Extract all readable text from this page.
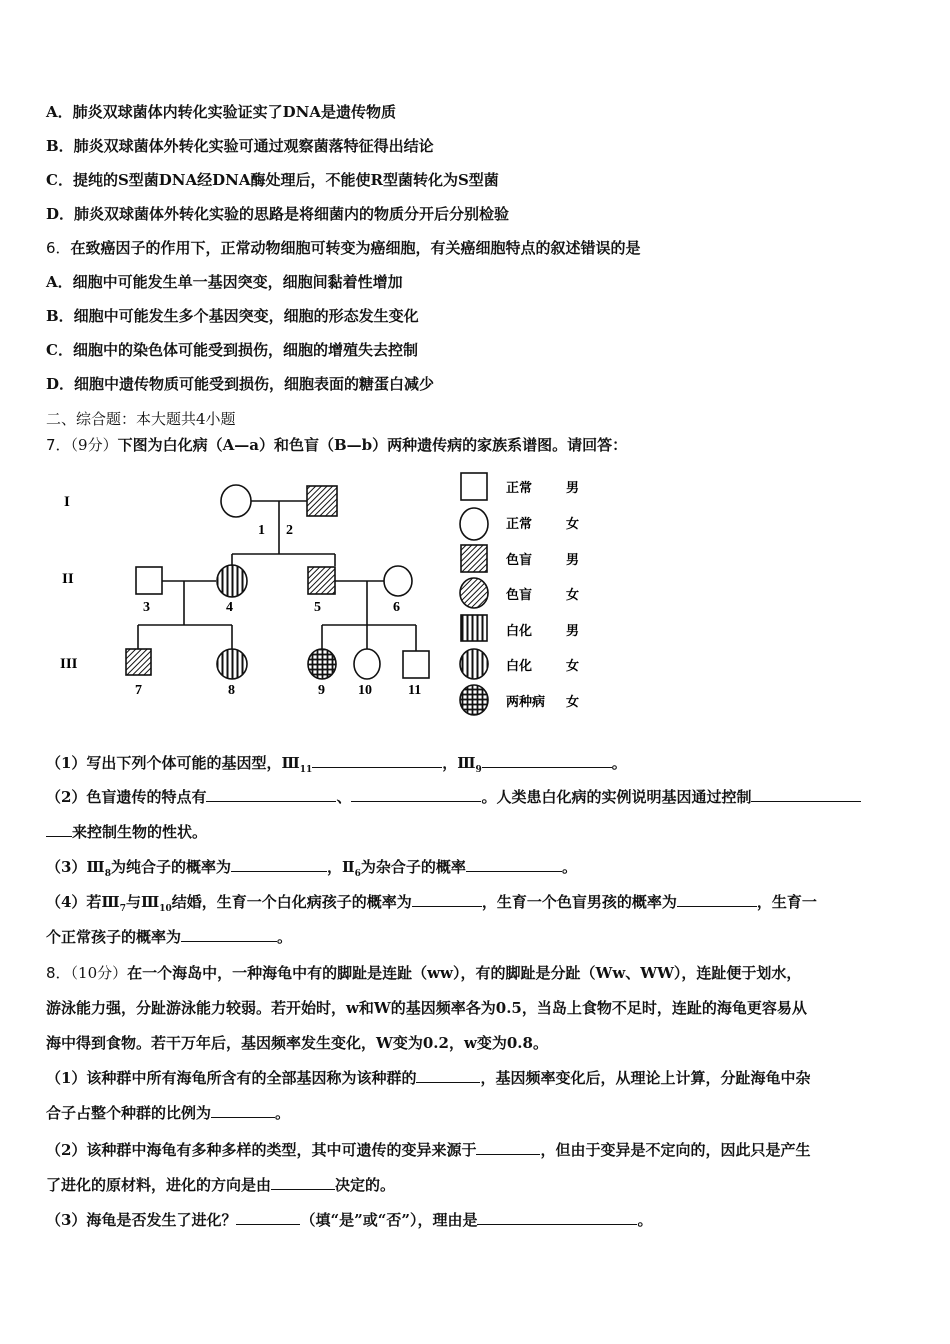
A．肺炎双球菌体内转化实验证实了DNA是遗传物质
B．肺炎双球菌体外转化实验可通过观察菌落特征得出结论
C．提纯的S型菌DNA经DNA酶处理后，不能使R型菌转化为S型菌
D．肺炎双球菌体外转化实验的思路是将细菌内的物质分开后分别检验
6．在致癌因子的作用下，正常动物细胞可转变为癌细胞，有关癌细胞特点的叙述错误的是
A．细胞中可能发生单一基因突变，细胞间黏着性增加
B．细胞中可能发生多个基因突变，细胞的形态发生变化
C．细胞中的染色体可能受到损伤，细胞的增殖失去控制
D．细胞中遗传物质可能受到损伤，细胞表面的糖蛋白减少
二、综合题：本大题共4小题
7．（9分）下图为白化病（A—a）和色盲（B—b）两种遗传病的家族系谱图。请回答：
I
II
III
1 2
3	4	5	6
7	8	9 10	11
正常	男
正常	女
色盲	男
色盲	女
白化	男
白化	女
两种病 女
（1）写出下列个体可能的基因型，$Ⅲ_{11}$	，$Ⅲ_9$	。
（2）色盲遗传的特点有	、	。人类患白化病的实例说明基因通过控制
来控制生物的性状。
$(3)Ⅲ_8$为纯合子的概率为	，$Ⅱ_6$为杂合子的概率	。
（4）若$Ⅲ_7$与$Ⅲ_{10}$结婚，生育一个白化病孩子的概率为	，生育一个色盲男孩的概率为	，生育一
个正常孩子的概率为	。
8．（10分）在一个海岛中，一种海龟中有的脚趾是连趾（ww），有的脚趾是分趾（Ww、WW），连趾便于划水，
游泳能力强，分趾游泳能力较弱。若开始时，w和W的基因频率各为0.5，当岛上食物不足时，连趾的海龟更容易从
海中得到食物。若干万年后，基因频率发生变化，W变为0.2，w变为0.8。
（1）该种群中所有海龟所含有的全部基因称为该种群的	，基因频率变化后，从理论上计算，分趾海龟中杂
合子占整个种群的比例为	。
（2）该种群中海龟有多种多样的类型，其中可遗传的变异来源于	，但由于变异是不定向的，因此只是产生
了进化的原材料，进化的方向是由	决定的。
（3）海龟是否发生了进化？	（填“是”或“否”），理由是	。
